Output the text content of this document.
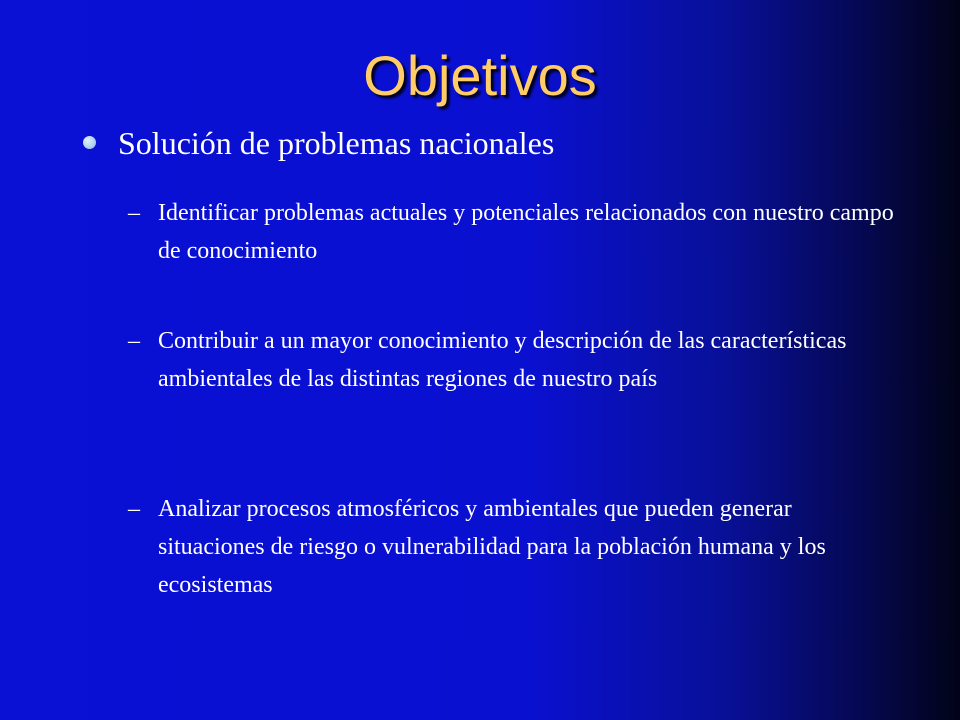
Objetivos
Solución de problemas nacionales
– Identificar problemas actuales y potenciales relacionados con nuestro campo de conocimiento
– Contribuir a un mayor conocimiento y descripción de las características ambientales de las distintas regiones de nuestro país
– Analizar procesos atmosféricos y ambientales que pueden generar situaciones de riesgo o vulnerabilidad para la población humana y los ecosistemas
